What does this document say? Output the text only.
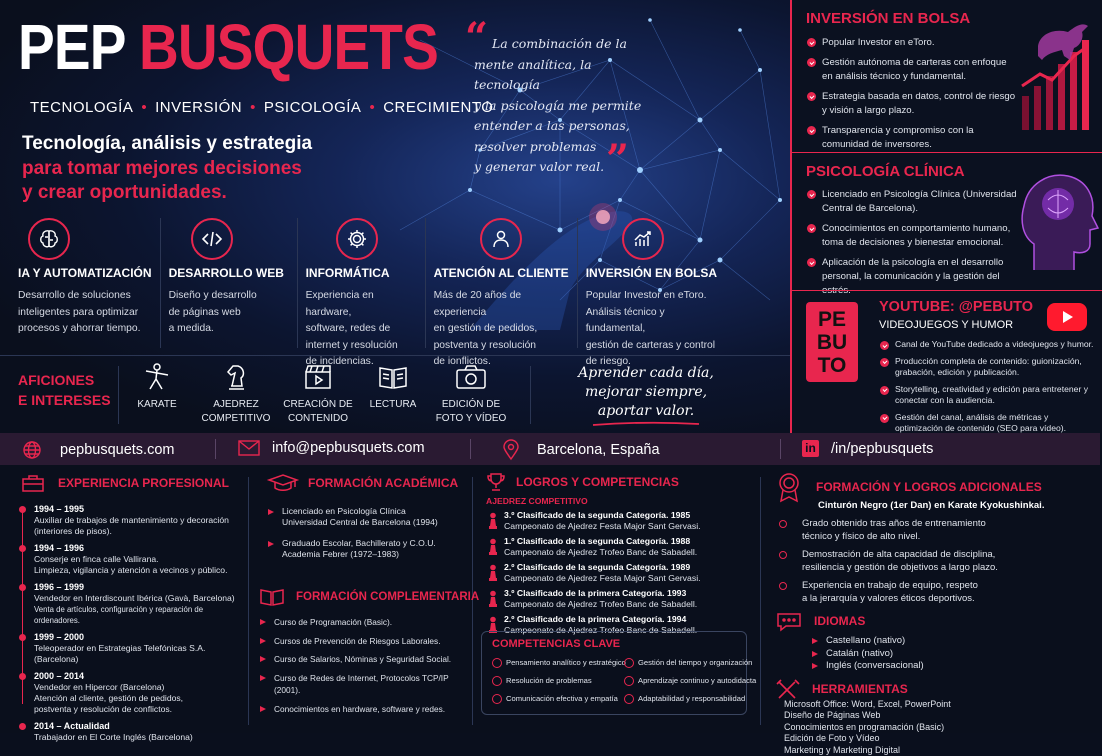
PEP BUSQUETS
TECNOLOGÍA • INVERSIÓN • PSICOLOGÍA • CRECIMIENTO
Tecnología, análisis y estrategia
para tomar mejores decisiones
y crear oportunidades.
“ La combinación de la
mente analítica, la tecnología
y la psicología me permite
entender a las personas,
resolver problemas
y generar valor real. ”
IA Y AUTOMATIZACIÓN
Desarrollo de soluciones
inteligentes para optimizar
procesos y ahorrar tiempo.
DESARROLLO WEB
Diseño y desarrollo
de páginas web
a medida.
INFORMÁTICA
Experiencia en hardware,
software, redes de
internet y resolución
de incidencias.
ATENCIÓN AL CLIENTE
Más de 20 años de experiencia
en gestión de pedidos,
postventa y resolución
de ionflictos.
INVERSIÓN EN BOLSA
Popular Investor en eToro.
Análisis técnico y fundamental,
gestión de carteras y control
de riesgo.
AFICIONES
E INTERESES	KARATE	AJEDREZ
COMPETITIVO
CREACIÓN DE
CONTENIDO
LECTURA	EDICIÓN DE
FOTO Y VÍDEO
Aprender cada día,
mejorar siempre,
aportar valor.
INVERSIÓN EN BOLSA
Popular Investor en eToro.
Gestión autónoma de carteras con enfoque en análisis técnico y fundamental.
Estrategia basada en datos, control de riesgo y visión a largo plazo.
Transparencia y compromiso con la comunidad de inversores.
PSICOLOGÍA CLÍNICA
Licenciado en Psicología Clínica (Universidad Central de Barcelona).
Conocimientos en comportamiento humano, toma de decisiones y bienestar emocional.
Aplicación de la psicología en el desarrollo personal, la comunicación y la gestión del
PE
BU
TO
YOUTUBE: @PEBUTO
VIDEOJUEGOS Y HUMOR
Canal de YouTube dedicado a videojuegos y humor.
Producción completa de contenido: guionización, grabación, edición y publicación.
Storytelling, creatividad y edición para entretener y conectar con la audiencia.
Gestión del canal, análisis de métricas y optimización de contenido (SEO para vídeo).
pepbusquets.com	info@pepbusquets.com	Barcelona, España	in /in/pepbusquets
EXPERIENCIA PROFESIONAL
1994 – 1995
Auxiliar de trabajos de mantenimiento y decoración
(interiores de pisos).
1994 – 1996
Conserje en finca calle Vallirana.
Limpieza, vigilancia y atención a vecinos y público.
1996 – 1999
Vendedor en Interdiscount Ibérica (Gavà, Barcelona)
Venta de artículos, configuración y reparación de ordenadores.
1999 – 2000
Teleoperador en Estrategias Telefónicas S.A. (Barcelona)
2000 – 2014
Vendedor en Hipercor (Barcelona)
Atención al cliente, gestión de pedidos,
postventa y resolución de conflictos.
2014 – Actualidad
Trabajador en El Corte Inglés (Barcelona)
FORMACIÓN ACADÉMICA
Licenciado en Psicología Clínica
Universidad Central de Barcelona (1994)
Graduado Escolar, Bachillerato y C.O.U.
Academia Febrer (1972–1983)
FORMACIÓN COMPLEMENTARIA
Curso de Programación (Basic).
Cursos de Prevención de Riesgos Laborales.
Curso de Salarios, Nóminas y Seguridad Social.
Curso de Redes de Internet, Protocolos TCP/IP (2001).
Conocimientos en hardware, software y redes.
LOGROS Y COMPETENCIAS
AJEDREZ COMPETITIVO
3.º Clasificado de la segunda Categoría. 1985
Campeonato de Ajedrez Festa Major Sant Gervasi.
1.º Clasificado de la segunda Categoría. 1988
Campeonato de Ajedrez Trofeo Banc de Sabadell.
2.º Clasificado de la segunda Categoría. 1989
Campeonato de Ajedrez Festa Major Sant Gervasi.
3.º Clasificado de la primera Categoría. 1993
Campeonato de Ajedrez Trofeo Banc de Sabadell.
2.º Clasificado de la primera Categoría. 1994
Campeonato de Ajedrez Trofeo Banc de Sabadell.
COMPETENCIAS CLAVE
Pensamiento analítico y estratégico	Gestión del tiempo y organización
Resolución de problemas	Aprendizaje continuo y autodidacta
Comunicación efectiva y empatía	Adaptabilidad y responsabilidad
FORMACIÓN Y LOGROS ADICIONALES
Cinturón Negro (1er Dan) en Karate Kyokushinkai.
Grado obtenido tras años de entrenamiento
técnico y físico de alto nivel.
Demostración de alta capacidad de disciplina,
resiliencia y gestión de objetivos a largo plazo.
Experiencia en trabajo de equipo, respeto
a la jerarquía y valores éticos deportivos.
IDIOMAS
Castellano (nativo)
Catalán (nativo)
Inglés (conversacional)
HERRAMIENTAS
Microsoft Office: Word, Excel, PowerPoint
Diseño de Páginas Web
Conocimientos en programación (Basic)
Edición de Foto y Vídeo
Marketing y Marketing Digital
